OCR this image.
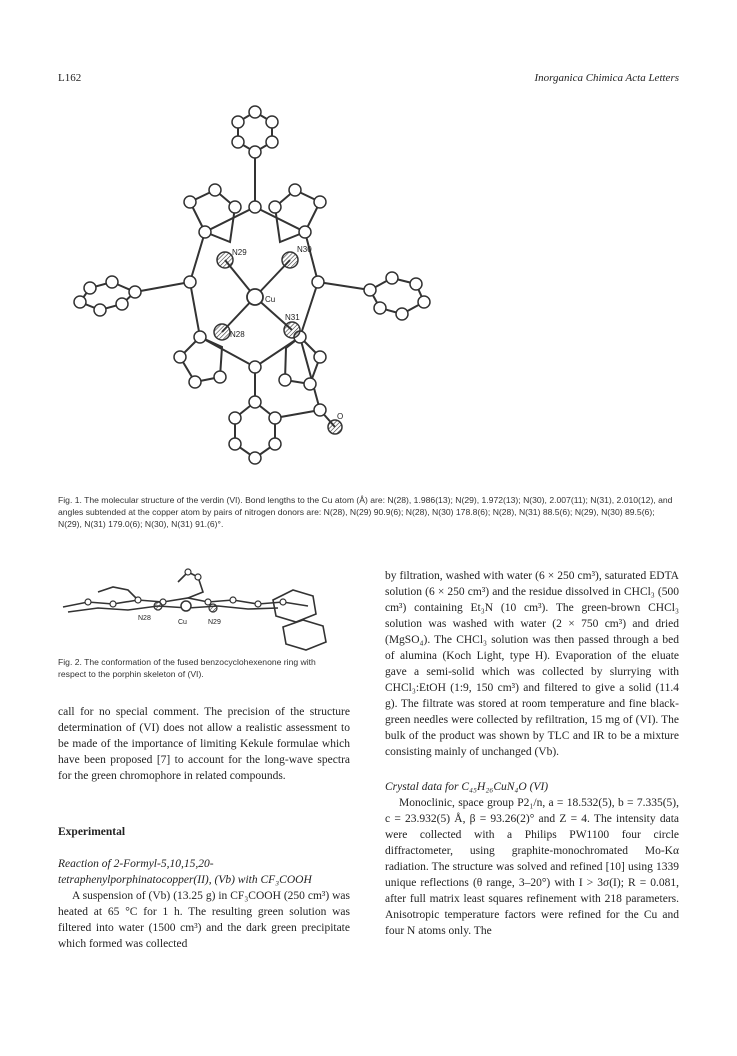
L162	Inorganica Chimica Acta Letters
N29	N30
Cu
N28
N31
O
Fig. 1. The molecular structure of the verdin (VI). Bond lengths to the Cu atom (Å) are: N(28), 1.986(13); N(29), 1.972(13); N(30), 2.007(11); N(31), 2.010(12), and angles subtended at the copper atom by pairs of nitrogen donors are: N(28), N(29) 90.9(6); N(28), N(30) 178.8(6); N(28), N(31) 88.5(6); N(29), N(30) 89.5(6); N(29), N(31) 179.0(6); N(30), N(31) 91.(6)°.
N28
Cu	N29
Fig. 2. The conformation of the fused benzocyclohexenone ring with respect to the porphin skeleton of (VI).

call for no special comment. The precision of the structure determination of (VI) does not allow a realistic assessment to be made of the importance of limiting Kekule formulae which have been proposed [7] to account for the long-wave spectra for the green chromophore in related compounds.

Experimental
Reaction of 2-Formyl-5,10,15,20-tetraphenylporphinatocopper(II), (Vb) with CF₃COOH

A suspension of (Vb) (13.25 g) in CF₃COOH (250 cm³) was heated at 65 °C for 1 h. The resulting green solution was filtered into water (1500 cm³) and the dark green precipitate which formed was collected

by filtration, washed with water (6 × 250 cm³), saturated EDTA solution (6 × 250 cm³) and the residue dissolved in CHCl₃ (500 cm³) containing Et₃N (10 cm³). The green-brown CHCl₃ solution was washed with water (2 × 750 cm³) and dried (MgSO₄). The CHCl₃ solution was then passed through a bed of alumina (Koch Light, type H). Evaporation of the eluate gave a semi-solid which was collected by slurrying with CHCl₃:EtOH (1:9, 150 cm³) and filtered to give a solid (11.4 g). The filtrate was stored at room temperature and fine black-green needles were collected by refiltration, 15 mg of (VI). The bulk of the product was shown by TLC and IR to be a mixture consisting mainly of unchanged (Vb).

Crystal data for C₄₅H₂₆CuN₄O (VI)

Monoclinic, space group P2₁/n, a = 18.532(5), b = 7.335(5), c = 23.932(5) Å, β = 93.26(2)° and Z = 4. The intensity data were collected with a Philips PW1100 four circle diffractometer, using graphite-monochromated Mo-Kα radiation. The structure was solved and refined [10] using 1339 unique reflections (θ range, 3–20°) with I > 3σ(I); R = 0.081, after full matrix least squares refinement with 218 parameters. Anisotropic temperature factors were refined for the Cu and four N atoms only. The
